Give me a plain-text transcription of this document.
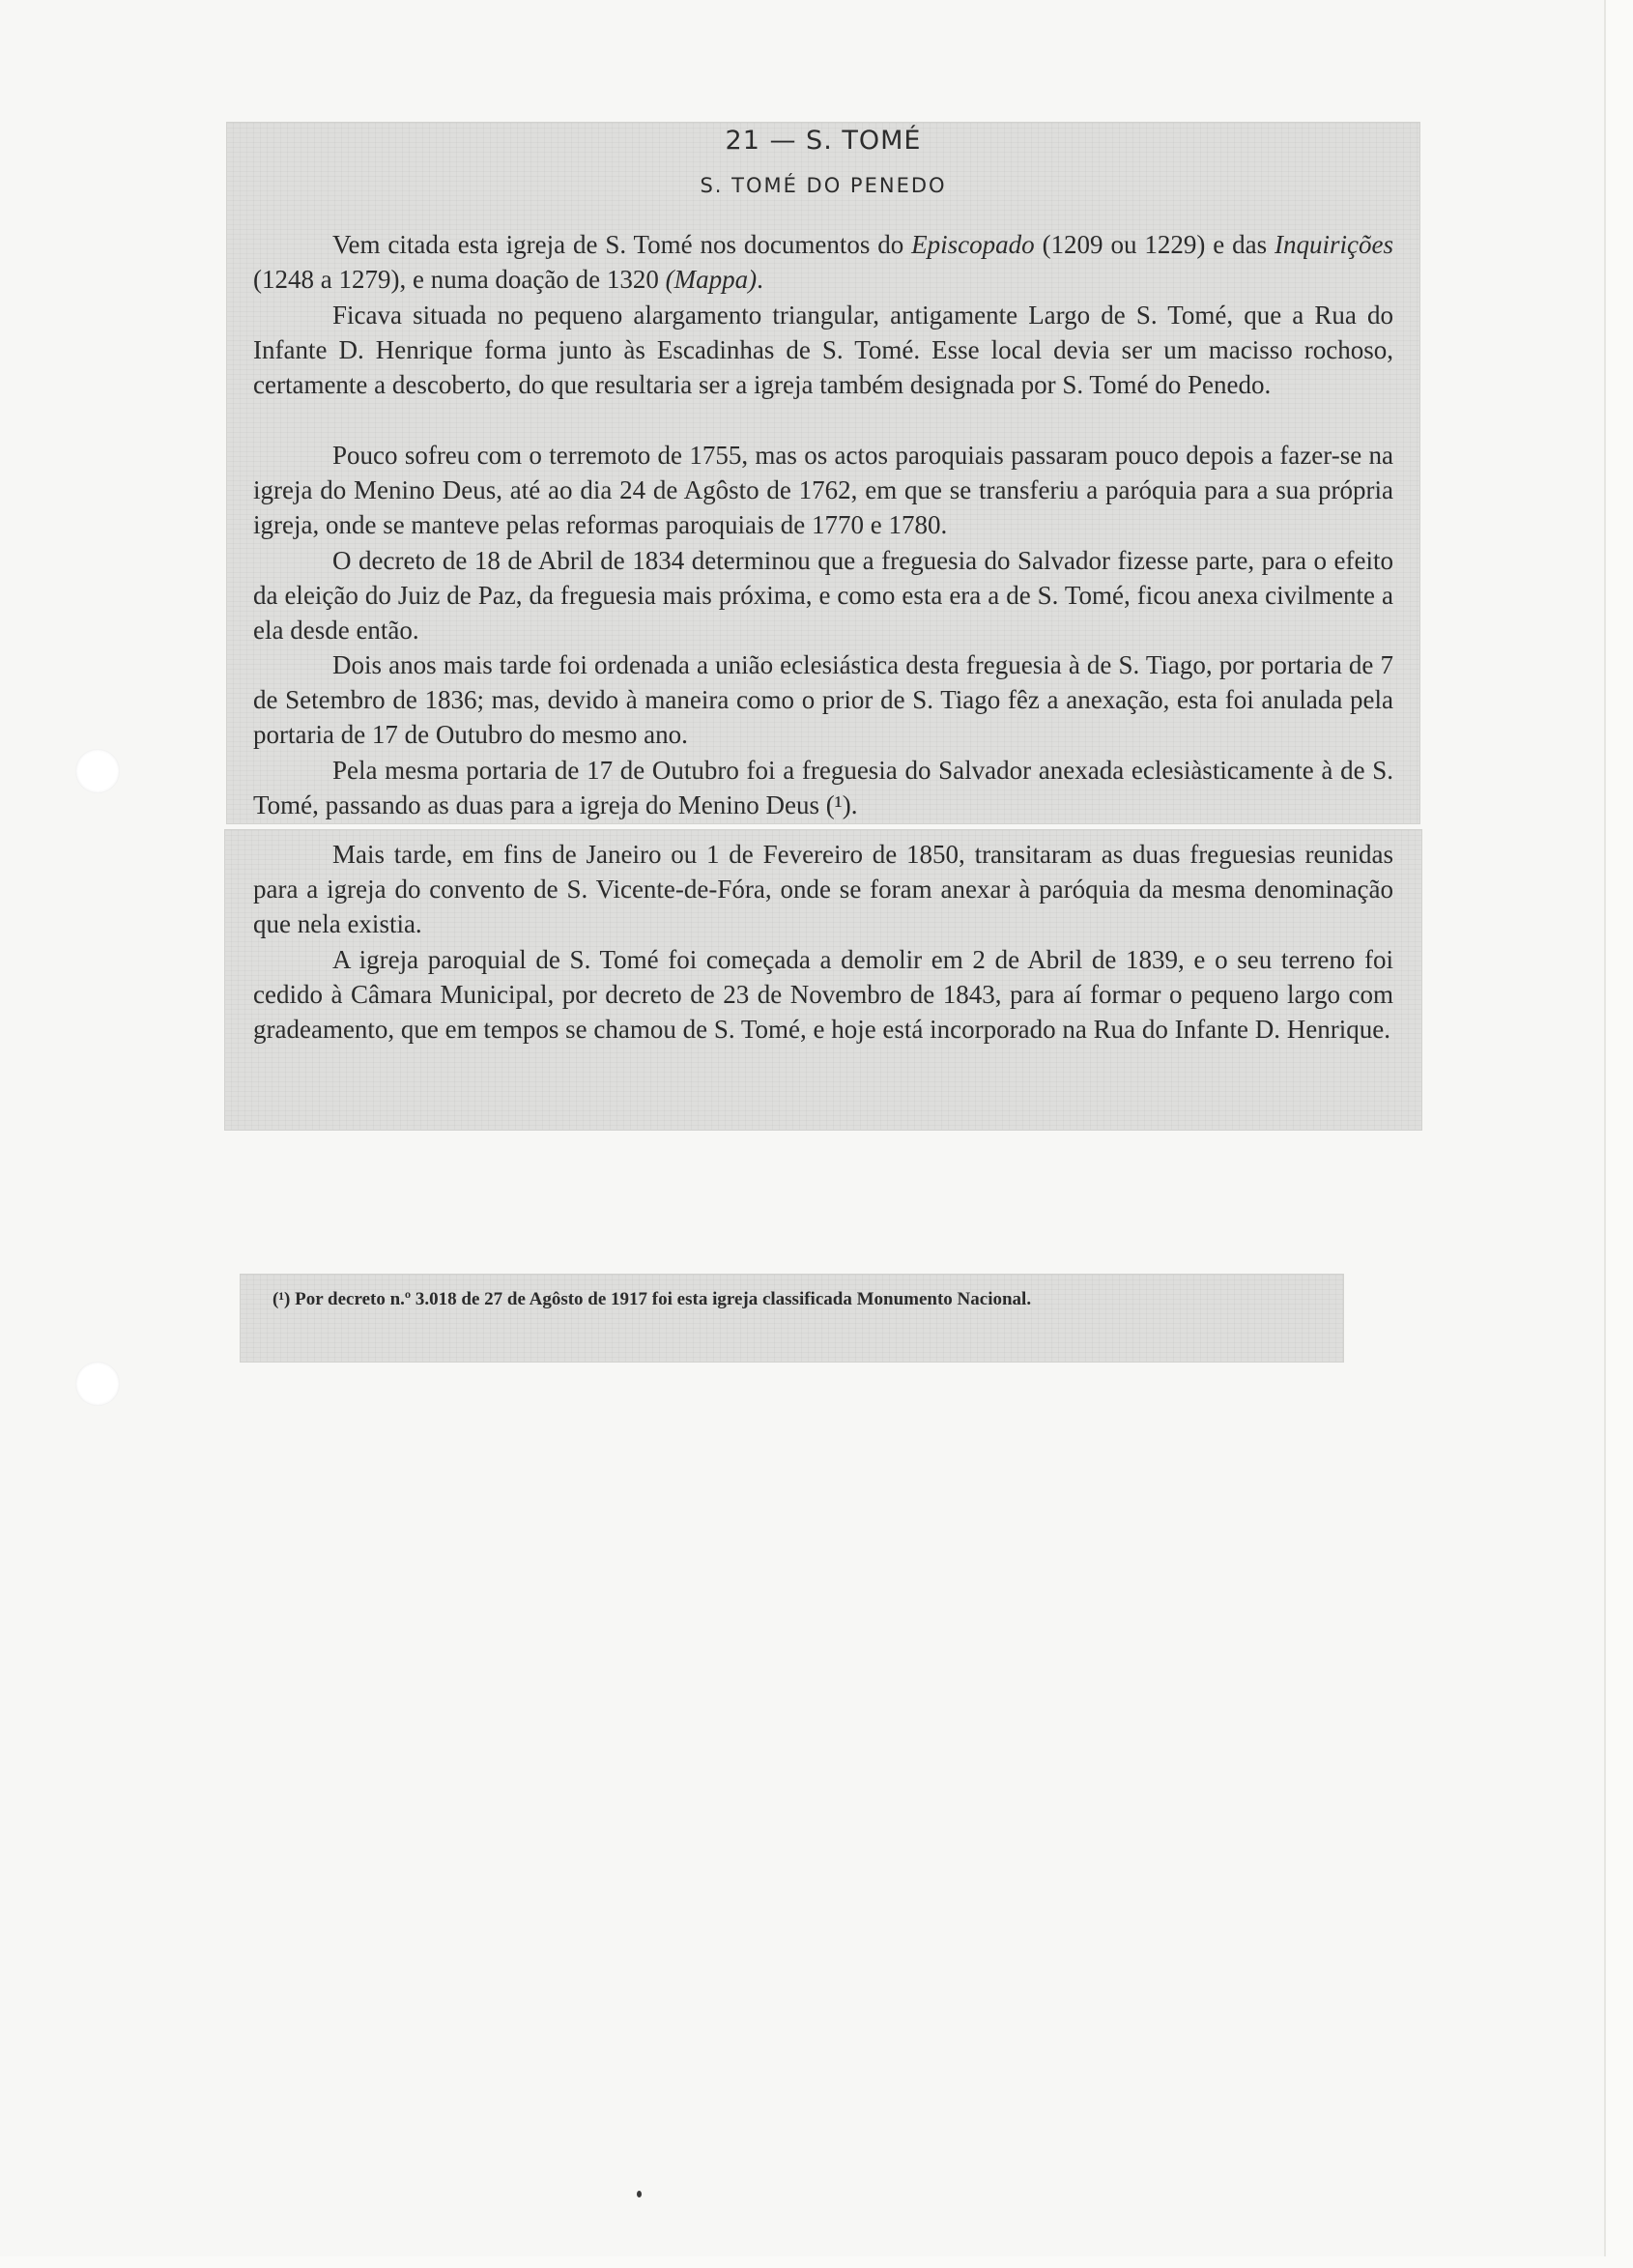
21 — S. TOMÉ
S. TOMÉ DO PENEDO

Vem citada esta igreja de S. Tomé nos documentos do Episcopado (1209 ou 1229) e das Inquirições (1248 a 1279), e numa doação de 1320 (Mappa).

Ficava situada no pequeno alargamento triangular, antigamente Largo de S. Tomé, que a Rua do Infante D. Henrique forma junto às Escadinhas de S. Tomé. Esse local devia ser um macisso rochoso, certamente a descoberto, do que resultaria ser a igreja também designada por S. Tomé do Penedo.

Pouco sofreu com o terremoto de 1755, mas os actos paroquiais passaram pouco depois a fazer-se na igreja do Menino Deus, até ao dia 24 de Agôsto de 1762, em que se transferiu a paróquia para a sua própria igreja, onde se manteve pelas reformas paroquiais de 1770 e 1780.

O decreto de 18 de Abril de 1834 determinou que a freguesia do Salvador fizesse parte, para o efeito da eleição do Juiz de Paz, da freguesia mais próxima, e como esta era a de S. Tomé, ficou anexa civilmente a ela desde então.

Dois anos mais tarde foi ordenada a união eclesiástica desta freguesia à de S. Tiago, por portaria de 7 de Setembro de 1836; mas, devido à maneira como o prior de S. Tiago fêz a anexação, esta foi anulada pela portaria de 17 de Outubro do mesmo ano.

Pela mesma portaria de 17 de Outubro foi a freguesia do Salvador anexada eclesiàsticamente à de S. Tomé, passando as duas para a igreja do Menino Deus (¹).

Mais tarde, em fins de Janeiro ou 1 de Fevereiro de 1850, transitaram as duas freguesias reunidas para a igreja do convento de S. Vicente-de-Fóra, onde se foram anexar à paróquia da mesma denominação que nela existia.

A igreja paroquial de S. Tomé foi começada a demolir em 2 de Abril de 1839, e o seu terreno foi cedido à Câmara Municipal, por decreto de 23 de Novembro de 1843, para aí formar o pequeno largo com gradeamento, que em tempos se chamou de S. Tomé, e hoje está incorporado na Rua do Infante D. Henrique.

(¹) Por decreto n.º 3.018 de 27 de Agôsto de 1917 foi esta igreja classificada Monumento Nacional.
